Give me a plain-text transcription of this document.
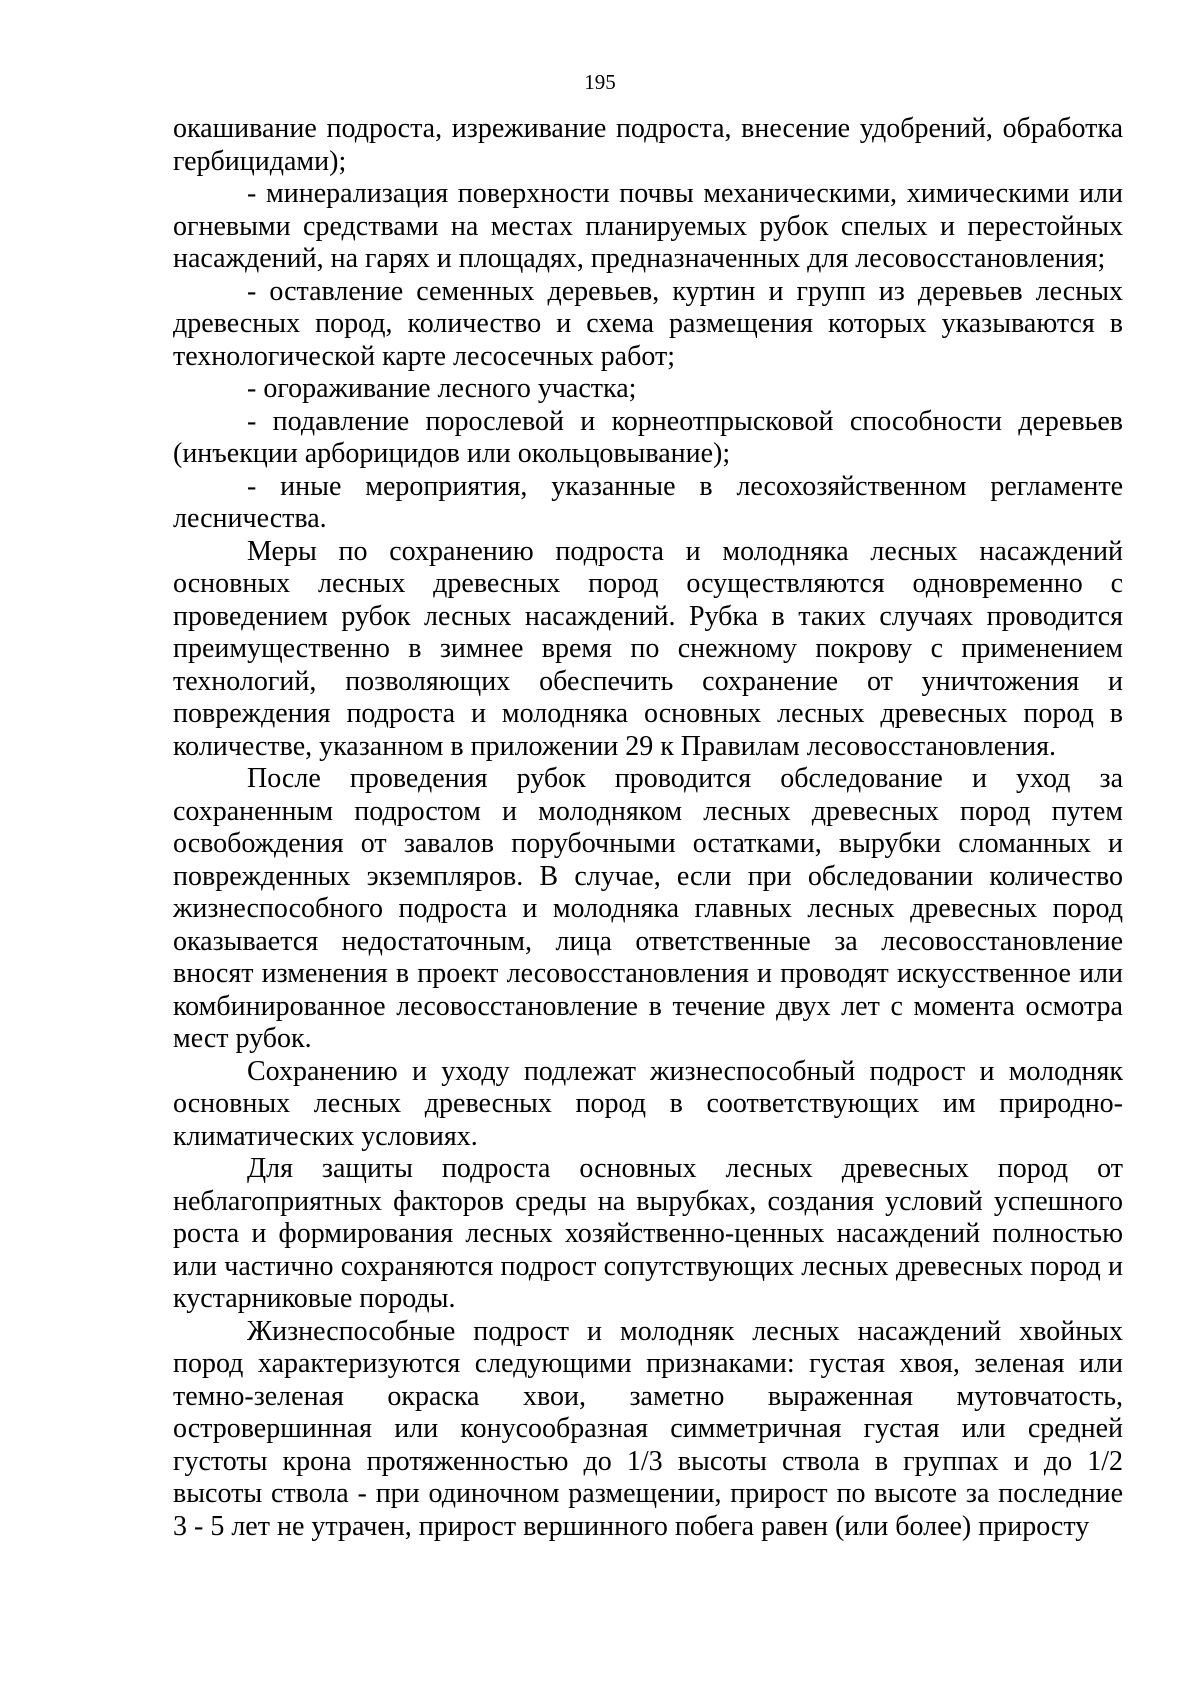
195

окашивание подроста, изреживание подроста, внесение удобрений, обработка гербицидами);

- минерализация поверхности почвы механическими, химическими или огневыми средствами на местах планируемых рубок спелых и перестойных насаждений, на гарях и площадях, предназначенных для лесовосстановления;

- оставление семенных деревьев, куртин и групп из деревьев лесных древесных пород, количество и схема размещения которых указываются в технологической карте лесосечных работ;

- огораживание лесного участка;

- подавление порослевой и корнеотпрысковой способности деревьев (инъекции арборицидов или окольцовывание);

- иные мероприятия, указанные в лесохозяйственном регламенте лесничества.

Меры по сохранению подроста и молодняка лесных насаждений основных лесных древесных пород осуществляются одновременно с проведением рубок лесных насаждений. Рубка в таких случаях проводится преимущественно в зимнее время по снежному покрову с применением технологий, позволяющих обеспечить сохранение от уничтожения и повреждения подроста и молодняка основных лесных древесных пород в количестве, указанном в приложении 29 к Правилам лесовосстановления.

После проведения рубок проводится обследование и уход за сохраненным подростом и молодняком лесных древесных пород путем освобождения от завалов порубочными остатками, вырубки сломанных и поврежденных экземпляров. В случае, если при обследовании количество жизнеспособного подроста и молодняка главных лесных древесных пород оказывается недостаточным, лица ответственные за лесовосстановление вносят изменения в проект лесовосстановления и проводят искусственное или комбинированное лесовосстановление в течение двух лет с момента осмотра мест рубок.

Сохранению и уходу подлежат жизнеспособный подрост и молодняк основных лесных древесных пород в соответствующих им природно-климатических условиях.

Для защиты подроста основных лесных древесных пород от неблагоприятных факторов среды на вырубках, создания условий успешного роста и формирования лесных хозяйственно-ценных насаждений полностью или частично сохраняются подрост сопутствующих лесных древесных пород и кустарниковые породы.

Жизнеспособные подрост и молодняк лесных насаждений хвойных пород характеризуются следующими признаками: густая хвоя, зеленая или темно-зеленая окраска хвои, заметно выраженная мутовчатость, островершинная или конусообразная симметричная густая или средней густоты крона протяженностью до 1/3 высоты ствола в группах и до 1/2 высоты ствола - при одиночном размещении, прирост по высоте за последние 3 - 5 лет не утрачен, прирост вершинного побега равен (или более) приросту
